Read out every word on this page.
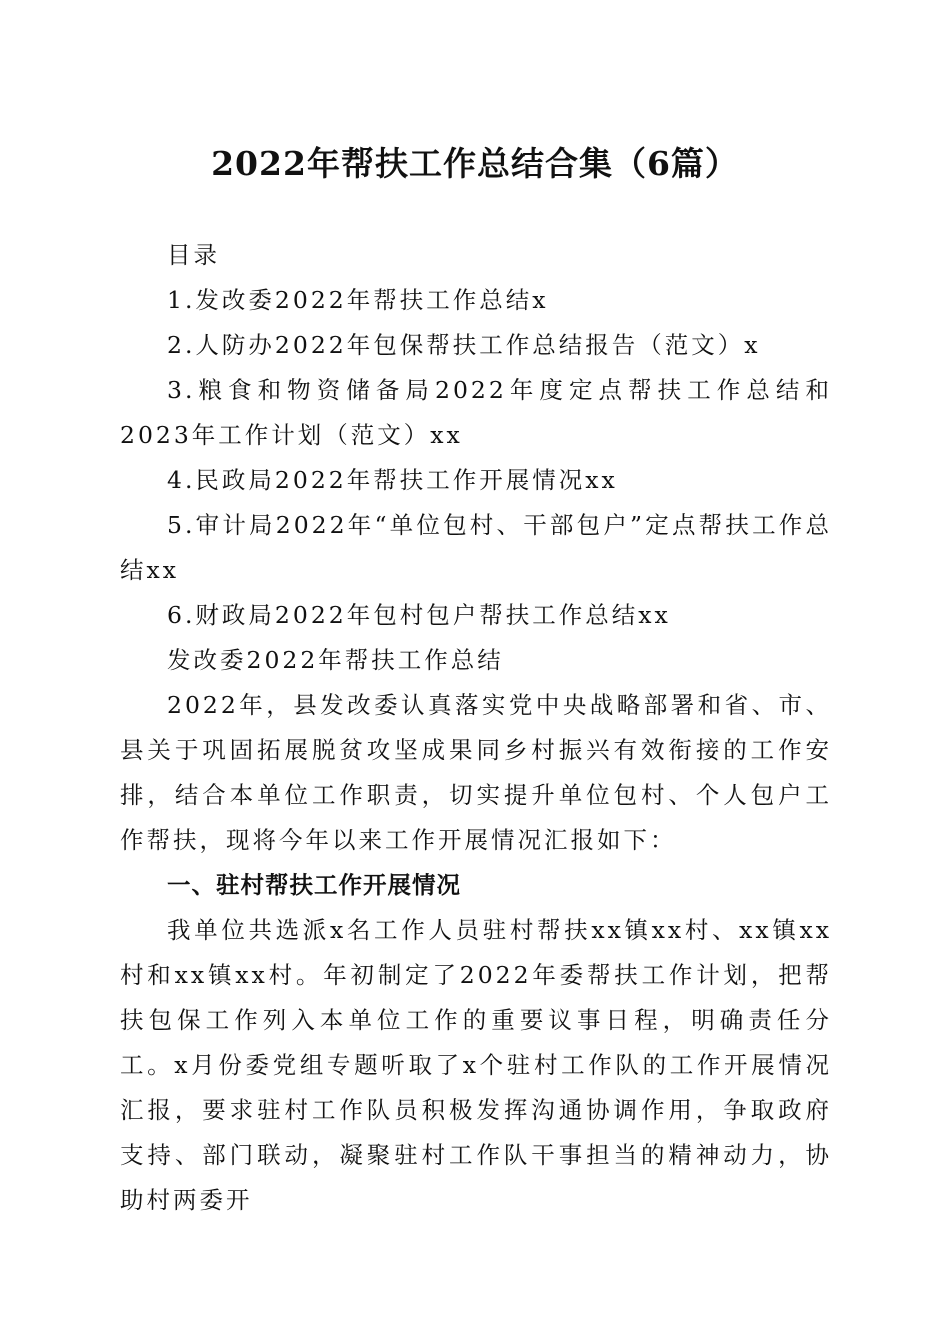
2022年帮扶工作总结合集（6篇）

目录

1.发改委2022年帮扶工作总结x

2.人防办2022年包保帮扶工作总结报告（范文）x

3.粮食和物资储备局2022年度定点帮扶工作总结和2023年工作计划（范文）xx

4.民政局2022年帮扶工作开展情况xx

5.审计局2022年“单位包村、干部包户”定点帮扶工作总结xx

6.财政局2022年包村包户帮扶工作总结xx

发改委2022年帮扶工作总结

2022年，县发改委认真落实党中央战略部署和省、市、县关于巩固拓展脱贫攻坚成果同乡村振兴有效衔接的工作安排，结合本单位工作职责，切实提升单位包村、个人包户工作帮扶，现将今年以来工作开展情况汇报如下：

一、驻村帮扶工作开展情况

我单位共选派x名工作人员驻村帮扶xx镇xx村、xx镇xx村和xx镇xx村。年初制定了2022年委帮扶工作计划，把帮扶包保工作列入本单位工作的重要议事日程，明确责任分工。x月份委党组专题听取了x个驻村工作队的工作开展情况汇报，要求驻村工作队员积极发挥沟通协调作用，争取政府支持、部门联动，凝聚驻村工作队干事担当的精神动力，协助村两委开
